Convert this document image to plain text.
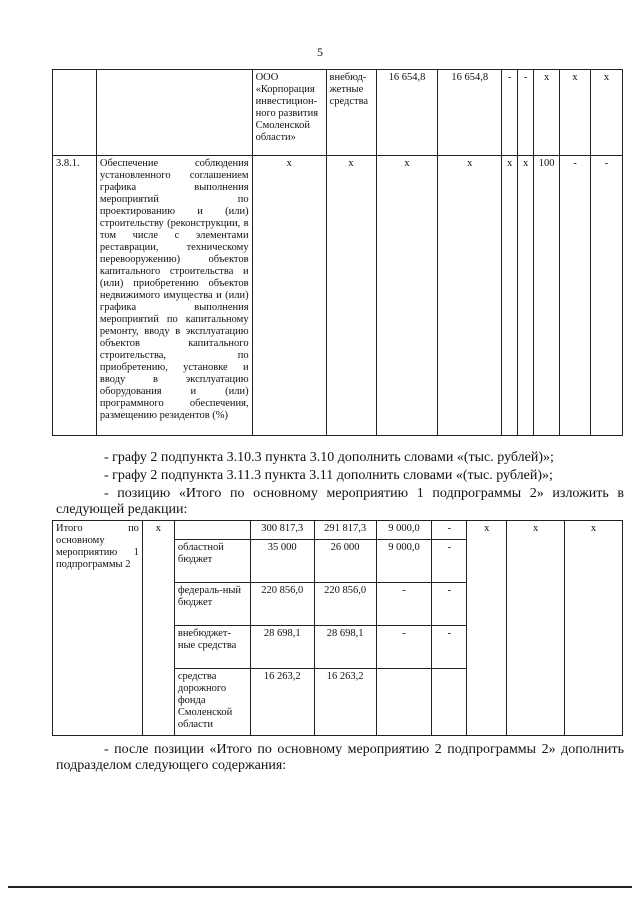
5
		ООО «Корпорация инвестицион-ного развития Смоленской области»	внебюд-жетные средства	16 654,8	16 654,8	-	-	х	х	х
3.8.1.	Обеспечение соблюдения установленного соглашением графика выполнения мероприятий по проектированию и (или) строительству (реконструкции, в том числе с элементами реставрации, техническому перевооружению) объектов капитального строительства и (или) приобретению объектов недвижимого имущества и (или) графика выполнения мероприятий по капитальному ремонту, вводу в эксплуатацию объектов капитального строительства, по приобретению, установке и вводу в эксплуатацию оборудования и (или) программного обеспечения, размещению резидентов (%)	х	х	х	х	х	х	100	-	-
- графу 2 подпункта 3.10.3 пункта 3.10 дополнить словами «(тыс. рублей)»;
- графу 2 подпункта 3.11.3 пункта 3.11 дополнить словами «(тыс. рублей)»;
- позицию «Итого по основному мероприятию 1 подпрограммы 2» изложить в следующей редакции:
Итого по основному мероприятию 1 подпрограммы 2	х		300 817,3	291 817,3	9 000,0	-	х	х	х
		областной бюджет	35 000	26 000	9 000,0	-			
		федераль-ный бюджет	220 856,0	220 856,0	-	-			
		внебюджет-ные средства	28 698,1	28 698,1	-	-			
		средства дорожного фонда Смоленской области	16 263,2	16 263,2					
- после позиции «Итого по основному мероприятию 2 подпрограммы 2» дополнить подразделом следующего содержания:
